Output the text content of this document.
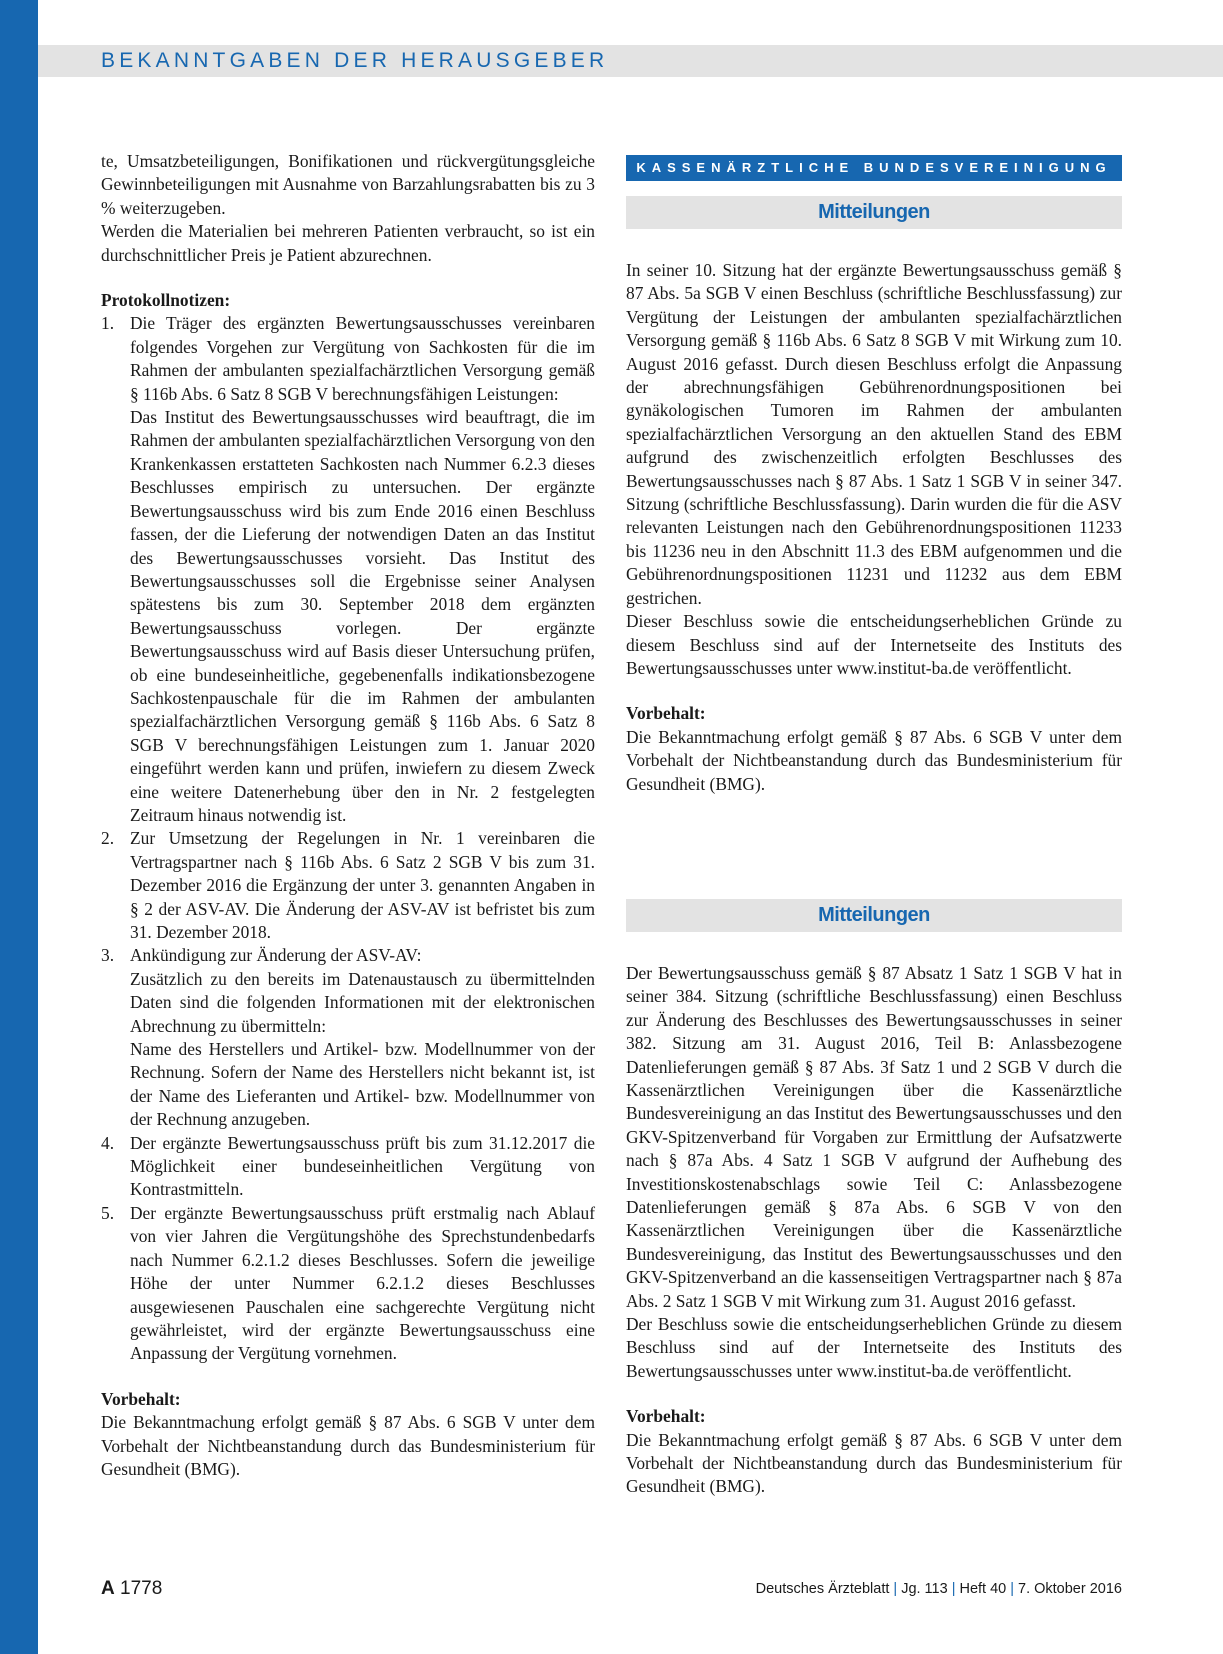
BEKANNTGABEN DER HERAUSGEBER

te, Umsatzbeteiligungen, Bonifikationen und rückvergütungsgleiche Gewinnbeteiligungen mit Ausnahme von Barzahlungsrabatten bis zu 3 % weiterzugeben.

Werden die Materialien bei mehreren Patienten verbraucht, so ist ein durchschnittlicher Preis je Patient abzurechnen.

Protokollnotizen:

1. Die Träger des ergänzten Bewertungsausschusses vereinbaren folgendes Vorgehen zur Vergütung von Sachkosten für die im Rahmen der ambulanten spezialfachärztlichen Versorgung gemäß § 116b Abs. 6 Satz 8 SGB V berechnungsfähigen Leistungen:

Das Institut des Bewertungsausschusses wird beauftragt, die im Rahmen der ambulanten spezialfachärztlichen Versorgung von den Krankenkassen erstatteten Sachkosten nach Nummer 6.2.3 dieses Beschlusses empirisch zu untersuchen. Der ergänzte Bewertungsausschuss wird bis zum Ende 2016 einen Beschluss fassen, der die Lieferung der notwendigen Daten an das Institut des Bewertungsausschusses vorsieht. Das Institut des Bewertungsausschusses soll die Ergebnisse seiner Analysen spätestens bis zum 30. September 2018 dem ergänzten Bewertungsausschuss vorlegen. Der ergänzte Bewertungsausschuss wird auf Basis dieser Untersuchung prüfen, ob eine bundeseinheitliche, gegebenenfalls indikationsbezogene Sachkostenpauschale für die im Rahmen der ambulanten spezialfachärztlichen Versorgung gemäß § 116b Abs. 6 Satz 8 SGB V berechnungsfähigen Leistungen zum 1. Januar 2020 eingeführt werden kann und prüfen, inwiefern zu diesem Zweck eine weitere Datenerhebung über den in Nr. 2 festgelegten Zeitraum hinaus notwendig ist.

2. Zur Umsetzung der Regelungen in Nr. 1 vereinbaren die Vertragspartner nach § 116b Abs. 6 Satz 2 SGB V bis zum 31. Dezember 2016 die Ergänzung der unter 3. genannten Angaben in § 2 der ASV-AV. Die Änderung der ASV-AV ist befristet bis zum 31. Dezember 2018.

3. Ankündigung zur Änderung der ASV-AV:

Zusätzlich zu den bereits im Datenaustausch zu übermittelnden Daten sind die folgenden Informationen mit der elektronischen Abrechnung zu übermitteln:

Name des Herstellers und Artikel- bzw. Modellnummer von der Rechnung. Sofern der Name des Herstellers nicht bekannt ist, ist der Name des Lieferanten und Artikel- bzw. Modellnummer von der Rechnung anzugeben.

4. Der ergänzte Bewertungsausschuss prüft bis zum 31.12.2017 die Möglichkeit einer bundeseinheitlichen Vergütung von Kontrastmitteln.

5. Der ergänzte Bewertungsausschuss prüft erstmalig nach Ablauf von vier Jahren die Vergütungshöhe des Sprechstundenbedarfs nach Nummer 6.2.1.2 dieses Beschlusses. Sofern die jeweilige Höhe der unter Nummer 6.2.1.2 dieses Beschlusses ausgewiesenen Pauschalen eine sachgerechte Vergütung nicht gewährleistet, wird der ergänzte Bewertungsausschuss eine Anpassung der Vergütung vornehmen.

Vorbehalt:

Die Bekanntmachung erfolgt gemäß § 87 Abs. 6 SGB V unter dem Vorbehalt der Nichtbeanstandung durch das Bundesministerium für Gesundheit (BMG).

KASSENÄRZTLICHE BUNDESVEREINIGUNG
Mitteilungen

In seiner 10. Sitzung hat der ergänzte Bewertungsausschuss gemäß § 87 Abs. 5a SGB V einen Beschluss (schriftliche Beschlussfassung) zur Vergütung der Leistungen der ambulanten spezialfachärztlichen Versorgung gemäß § 116b Abs. 6 Satz 8 SGB V mit Wirkung zum 10. August 2016 gefasst. Durch diesen Beschluss erfolgt die Anpassung der abrechnungsfähigen Gebührenordnungspositionen bei gynäkologischen Tumoren im Rahmen der ambulanten spezialfachärztlichen Versorgung an den aktuellen Stand des EBM aufgrund des zwischenzeitlich erfolgten Beschlusses des Bewertungsausschusses nach § 87 Abs. 1 Satz 1 SGB V in seiner 347. Sitzung (schriftliche Beschlussfassung). Darin wurden die für die ASV relevanten Leistungen nach den Gebührenordnungspositionen 11233 bis 11236 neu in den Abschnitt 11.3 des EBM aufgenommen und die Gebührenordnungspositionen 11231 und 11232 aus dem EBM gestrichen.

Dieser Beschluss sowie die entscheidungserheblichen Gründe zu diesem Beschluss sind auf der Internetseite des Instituts des Bewertungsausschusses unter www.institut-ba.de veröffentlicht.

Vorbehalt:

Die Bekanntmachung erfolgt gemäß § 87 Abs. 6 SGB V unter dem Vorbehalt der Nichtbeanstandung durch das Bundesministerium für Gesundheit (BMG).

Mitteilungen

Der Bewertungsausschuss gemäß § 87 Absatz 1 Satz 1 SGB V hat in seiner 384. Sitzung (schriftliche Beschlussfassung) einen Beschluss zur Änderung des Beschlusses des Bewertungsausschusses in seiner 382. Sitzung am 31. August 2016, Teil B: Anlassbezogene Datenlieferungen gemäß § 87 Abs. 3f Satz 1 und 2 SGB V durch die Kassenärztlichen Vereinigungen über die Kassenärztliche Bundesvereinigung an das Institut des Bewertungsausschusses und den GKV-Spitzenverband für Vorgaben zur Ermittlung der Aufsatzwerte nach § 87a Abs. 4 Satz 1 SGB V aufgrund der Aufhebung des Investitionskostenabschlags sowie Teil C: Anlassbezogene Datenlieferungen gemäß § 87a Abs. 6 SGB V von den Kassenärztlichen Vereinigungen über die Kassenärztliche Bundesvereinigung, das Institut des Bewertungsausschusses und den GKV-Spitzenverband an die kassenseitigen Vertragspartner nach § 87a Abs. 2 Satz 1 SGB V mit Wirkung zum 31. August 2016 gefasst.

Der Beschluss sowie die entscheidungserheblichen Gründe zu diesem Beschluss sind auf der Internetseite des Instituts des Bewertungsausschusses unter www.institut-ba.de veröffentlicht.

Vorbehalt:

Die Bekanntmachung erfolgt gemäß § 87 Abs. 6 SGB V unter dem Vorbehalt der Nichtbeanstandung durch das Bundesministerium für Gesundheit (BMG).

A 1778	Deutsches Ärzteblatt | Jg. 113 | Heft 40 | 7. Oktober 2016
